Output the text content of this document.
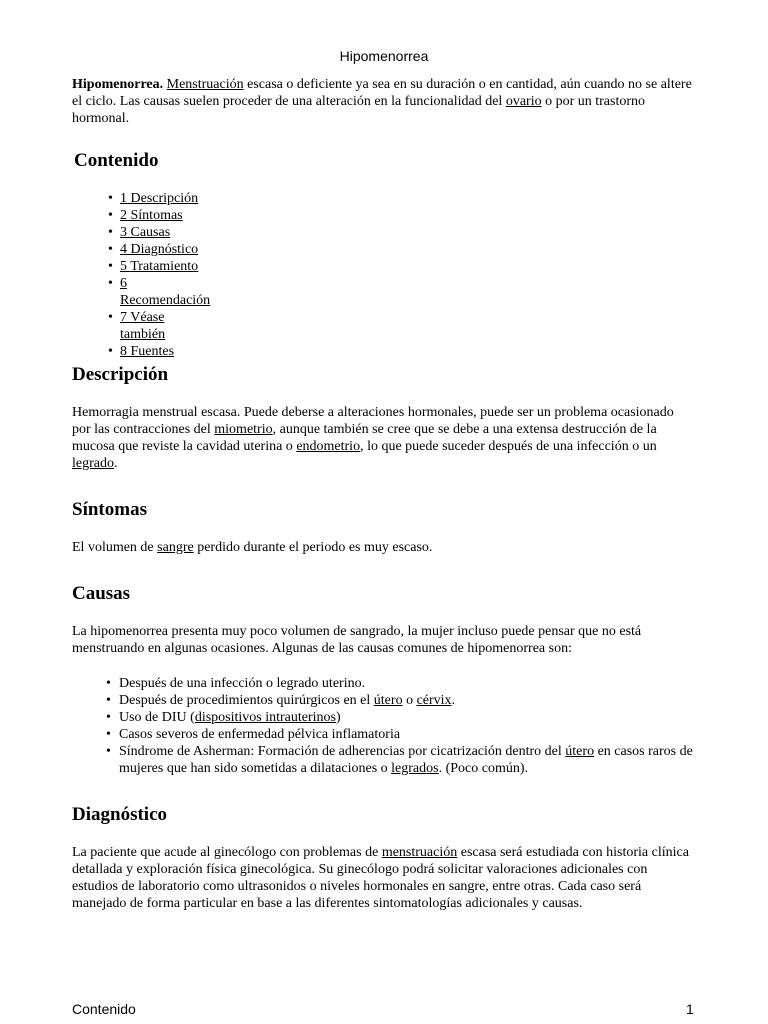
Hipomenorrea

Hipomenorrea. Menstruación escasa o deficiente ya sea en su duración o en cantidad, aún cuando no se altere el ciclo. Las causas suelen proceder de una alteración en la funcionalidad del ovario o por un trastorno hormonal.

Contenido
• 1 Descripción
• 2 Síntomas
• 3 Causas
• 4 Diagnóstico
• 5 Tratamiento
• 6 Recomendación
• 7 Véase también
• 8 Fuentes
Descripción

Hemorragia menstrual escasa. Puede deberse a alteraciones hormonales, puede ser un problema ocasionado por las contracciones del miometrio, aunque también se cree que se debe a una extensa destrucción de la mucosa que reviste la cavidad uterina o endometrio, lo que puede suceder después de una infección o un legrado.

Síntomas

El volumen de sangre perdido durante el periodo es muy escaso.

Causas

La hipomenorrea presenta muy poco volumen de sangrado, la mujer incluso puede pensar que no está menstruando en algunas ocasiones. Algunas de las causas comunes de hipomenorrea son:

• Después de una infección o legrado uterino.
• Después de procedimientos quirúrgicos en el útero o cérvix.
• Uso de DIU (dispositivos intrauterinos)
• Casos severos de enfermedad pélvica inflamatoria
• Síndrome de Asherman: Formación de adherencias por cicatrización dentro del útero en casos raros de mujeres que han sido sometidas a dilataciones o legrados. (Poco común).
Diagnóstico

La paciente que acude al ginecólogo con problemas de menstruación escasa será estudiada con historia clínica detallada y exploración física ginecológica. Su ginecólogo podrá solicitar valoraciones adicionales con estudios de laboratorio como ultrasonidos o niveles hormonales en sangre, entre otras. Cada caso será manejado de forma particular en base a las diferentes sintomatologías adicionales y causas.

Contenido	1
